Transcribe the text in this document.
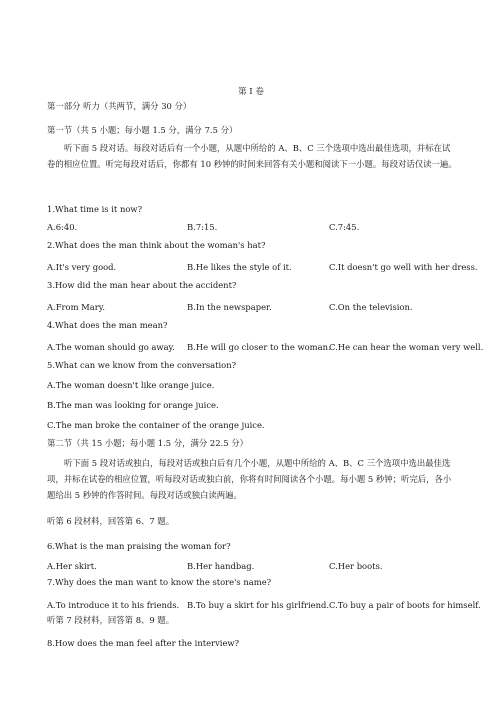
第 I 卷
第一部分 听力（共两节，满分 30 分）
第一节（共 5 小题；每小题 1.5 分，满分 7.5 分）
听下面 5 段对话。每段对话后有一个小题，从题中所给的 A、B、C 三个选项中选出最佳选项，并标在试卷的相应位置。听完每段对话后，你都有 10 秒钟的时间来回答有关小题和阅读下一小题。每段对话仅读一遍。
1.What time is it now?
A.6:40.	B.7:15.	C.7:45.
2.What does the man think about the woman's hat?
A.It's very good.	B.He likes the style of it.	C.It doesn't go well with her dress.
3.How did the man hear about the accident?
A.From Mary.	B.In the newspaper.	C.On the television.
4.What does the man mean?
A.The woman should go away. B.He will go closer to the woman.
C.He can hear the woman very well.
5.What can we know from the conversation?
A.The woman doesn't like orange juice.
B.The man was looking for orange juice.
C.The man broke the container of the orange juice.
第二节（共 15 小题；每小题 1.5 分，满分 22.5 分）
听下面 5 段对话或独白，每段对话或独白后有几个小题，从题中所给的 A、B、C 三个选项中选出最佳选项，并标在试卷的相应位置，听每段对话或独白前，你将有时间阅读各个小题。每小题 5 秒钟；听完后，各小题给出 5 秒钟的作答时间。每段对话或独白读两遍。
听第 6 段材料，回答第 6、7 题。
6.What is the man praising the woman for?
A.Her skirt.	B.Her handbag.	C.Her boots.
7.Why does the man want to know the store's name?
A.To introduce it to his friends. B.To buy a skirt for his girlfriend. C.To buy a pair of boots for himself.
听第 7 段材料，回答第 8、9 题。
8.How does the man feel after the interview?
